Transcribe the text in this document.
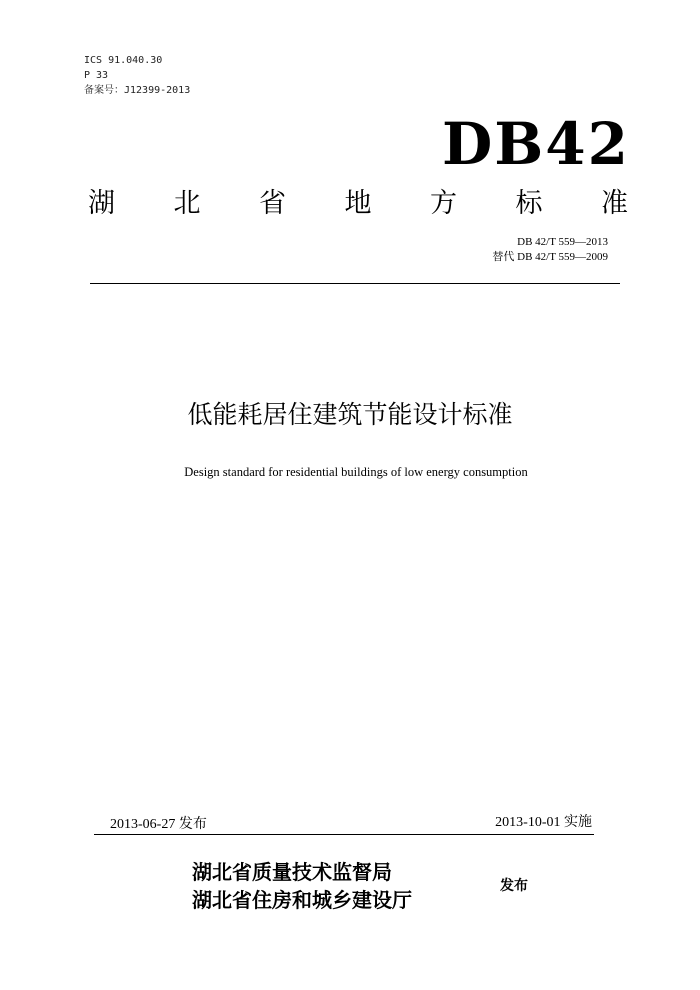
ICS 91.040.30
P 33
备案号：J12399-2013
DB42
湖 北 省 地 方 标 准
DB 42/T 559—2013
替代 DB 42/T 559—2009
低能耗居住建筑节能设计标准
Design standard for residential buildings of low energy consumption
2013-06-27 发布	2013-10-01 实施
湖北省质量技术监督局
湖北省住房和城乡建设厅
发布
